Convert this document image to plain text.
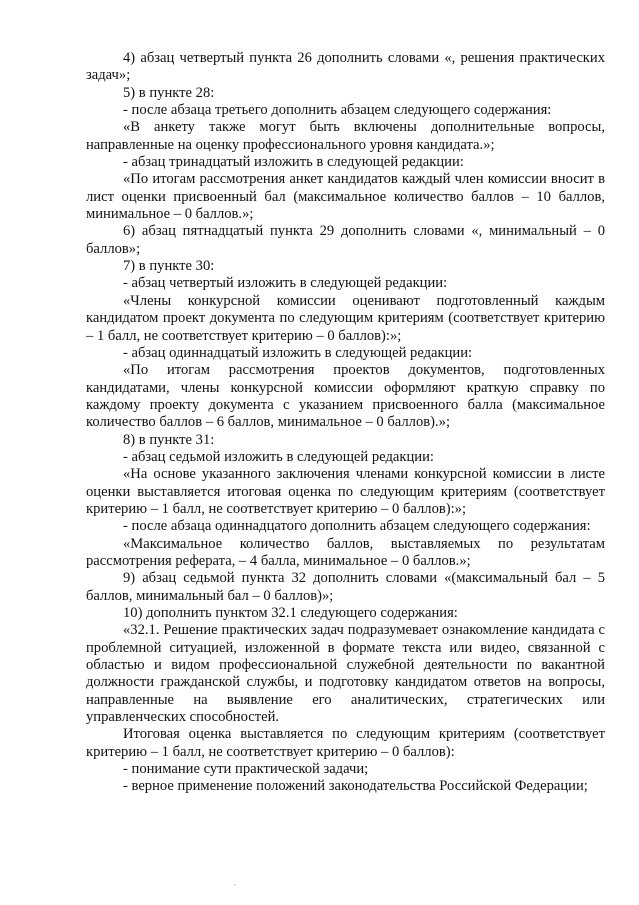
4) абзац четвертый пункта 26 дополнить словами «, решения практических задач»;

5) в пункте 28:

- после абзаца третьего дополнить абзацем следующего содержания:

«В анкету также могут быть включены дополнительные вопросы, направленные на оценку профессионального уровня кандидата.»;

- абзац тринадцатый изложить в следующей редакции:

«По итогам рассмотрения анкет кандидатов каждый член комиссии вносит в лист оценки присвоенный бал (максимальное количество баллов – 10 баллов, минимальное – 0 баллов.»;

6) абзац пятнадцатый пункта 29 дополнить словами «, минимальный – 0 баллов»;

7) в пункте 30:

- абзац четвертый изложить в следующей редакции:

«Члены конкурсной комиссии оценивают подготовленный каждым кандидатом проект документа по следующим критериям (соответствует критерию – 1 балл, не соответствует критерию – 0 баллов):»;

- абзац одиннадцатый изложить в следующей редакции:

«По итогам рассмотрения проектов документов, подготовленных кандидатами, члены конкурсной комиссии оформляют краткую справку по каждому проекту документа с указанием присвоенного балла (максимальное количество баллов – 6 баллов, минимальное – 0 баллов).»;

8) в пункте 31:

- абзац седьмой изложить в следующей редакции:

«На основе указанного заключения членами конкурсной комиссии в листе оценки выставляется итоговая оценка по следующим критериям (соответствует критерию – 1 балл, не соответствует критерию – 0 баллов):»;

- после абзаца одиннадцатого дополнить абзацем следующего содержания:

«Максимальное количество баллов, выставляемых по результатам рассмотрения реферата, – 4 балла, минимальное – 0 баллов.»;

9) абзац седьмой пункта 32 дополнить словами «(максимальный бал – 5 баллов, минимальный бал – 0 баллов)»;

10) дополнить пунктом 32.1 следующего содержания:

«32.1. Решение практических задач подразумевает ознакомление кандидата с проблемной ситуацией, изложенной в формате текста или видео, связанной с областью и видом профессиональной служебной деятельности по вакантной должности гражданской службы, и подготовку кандидатом ответов на вопросы, направленные на выявление его аналитических, стратегических или управленческих способностей.

Итоговая оценка выставляется по следующим критериям (соответствует критерию – 1 балл, не соответствует критерию – 0 баллов):

- понимание сути практической задачи;

- верное применение положений законодательства Российской Федерации;
